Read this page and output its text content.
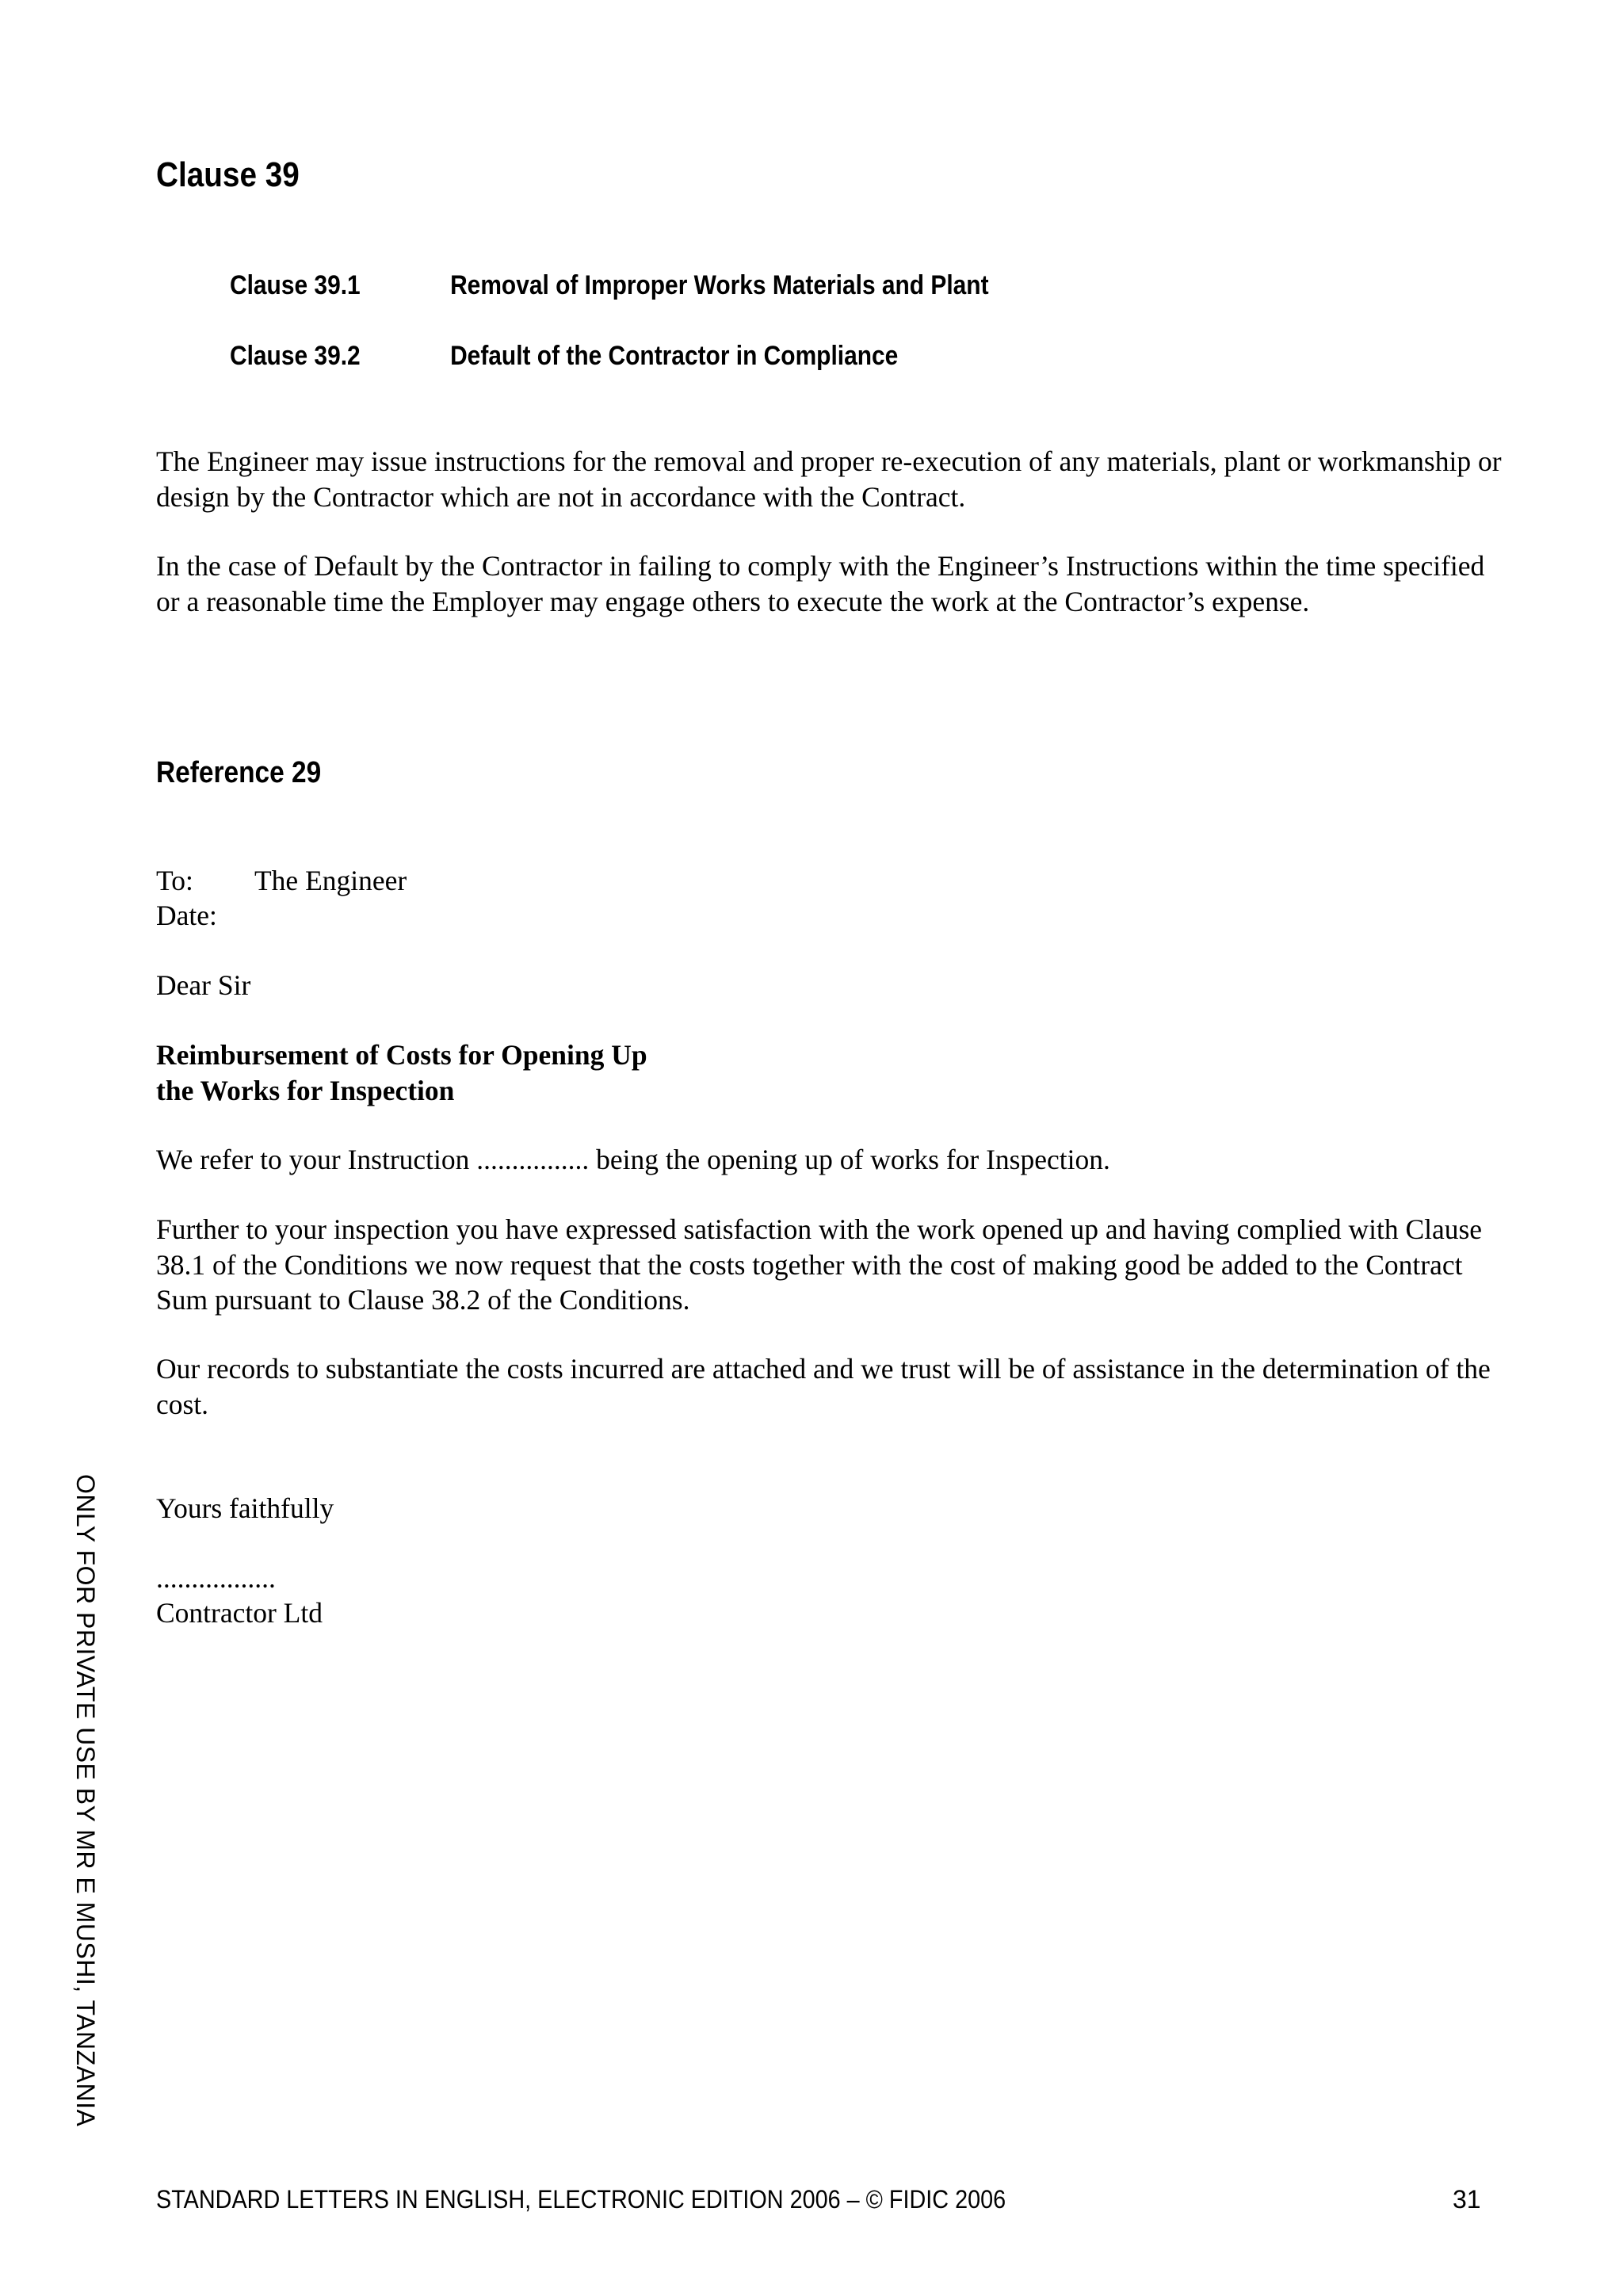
Clause 39
Clause 39.1	Removal of Improper Works Materials and Plant
Clause 39.2	Default of the Contractor in Compliance

The Engineer may issue instructions for the removal and proper re-execution of any materials, plant or workmanship or design by the Contractor which are not in accordance with the Contract.

In the case of Default by the Contractor in failing to comply with the Engineer’s Instructions within the time specified or a reasonable time the Employer may engage others to execute the work at the Contractor’s expense.

Reference 29
To: The Engineer
Date:

Dear Sir

Reimbursement of Costs for Opening Up
the Works for Inspection

We refer to your Instruction ................ being the opening up of works for Inspection.

Further to your inspection you have expressed satisfaction with the work opened up and having complied with Clause 38.1 of the Conditions we now request that the costs together with the cost of making good be added to the Contract Sum pursuant to Clause 38.2 of the Conditions.

Our records to substantiate the costs incurred are attached and we trust will be of assistance in the determination of the cost.

Yours faithfully

.................

Contractor Ltd

ONLY FOR PRIVATE USE BY MR E MUSHI, TANZANIA
STANDARD LETTERS IN ENGLISH, ELECTRONIC EDITION 2006 – © FIDIC 2006	31
